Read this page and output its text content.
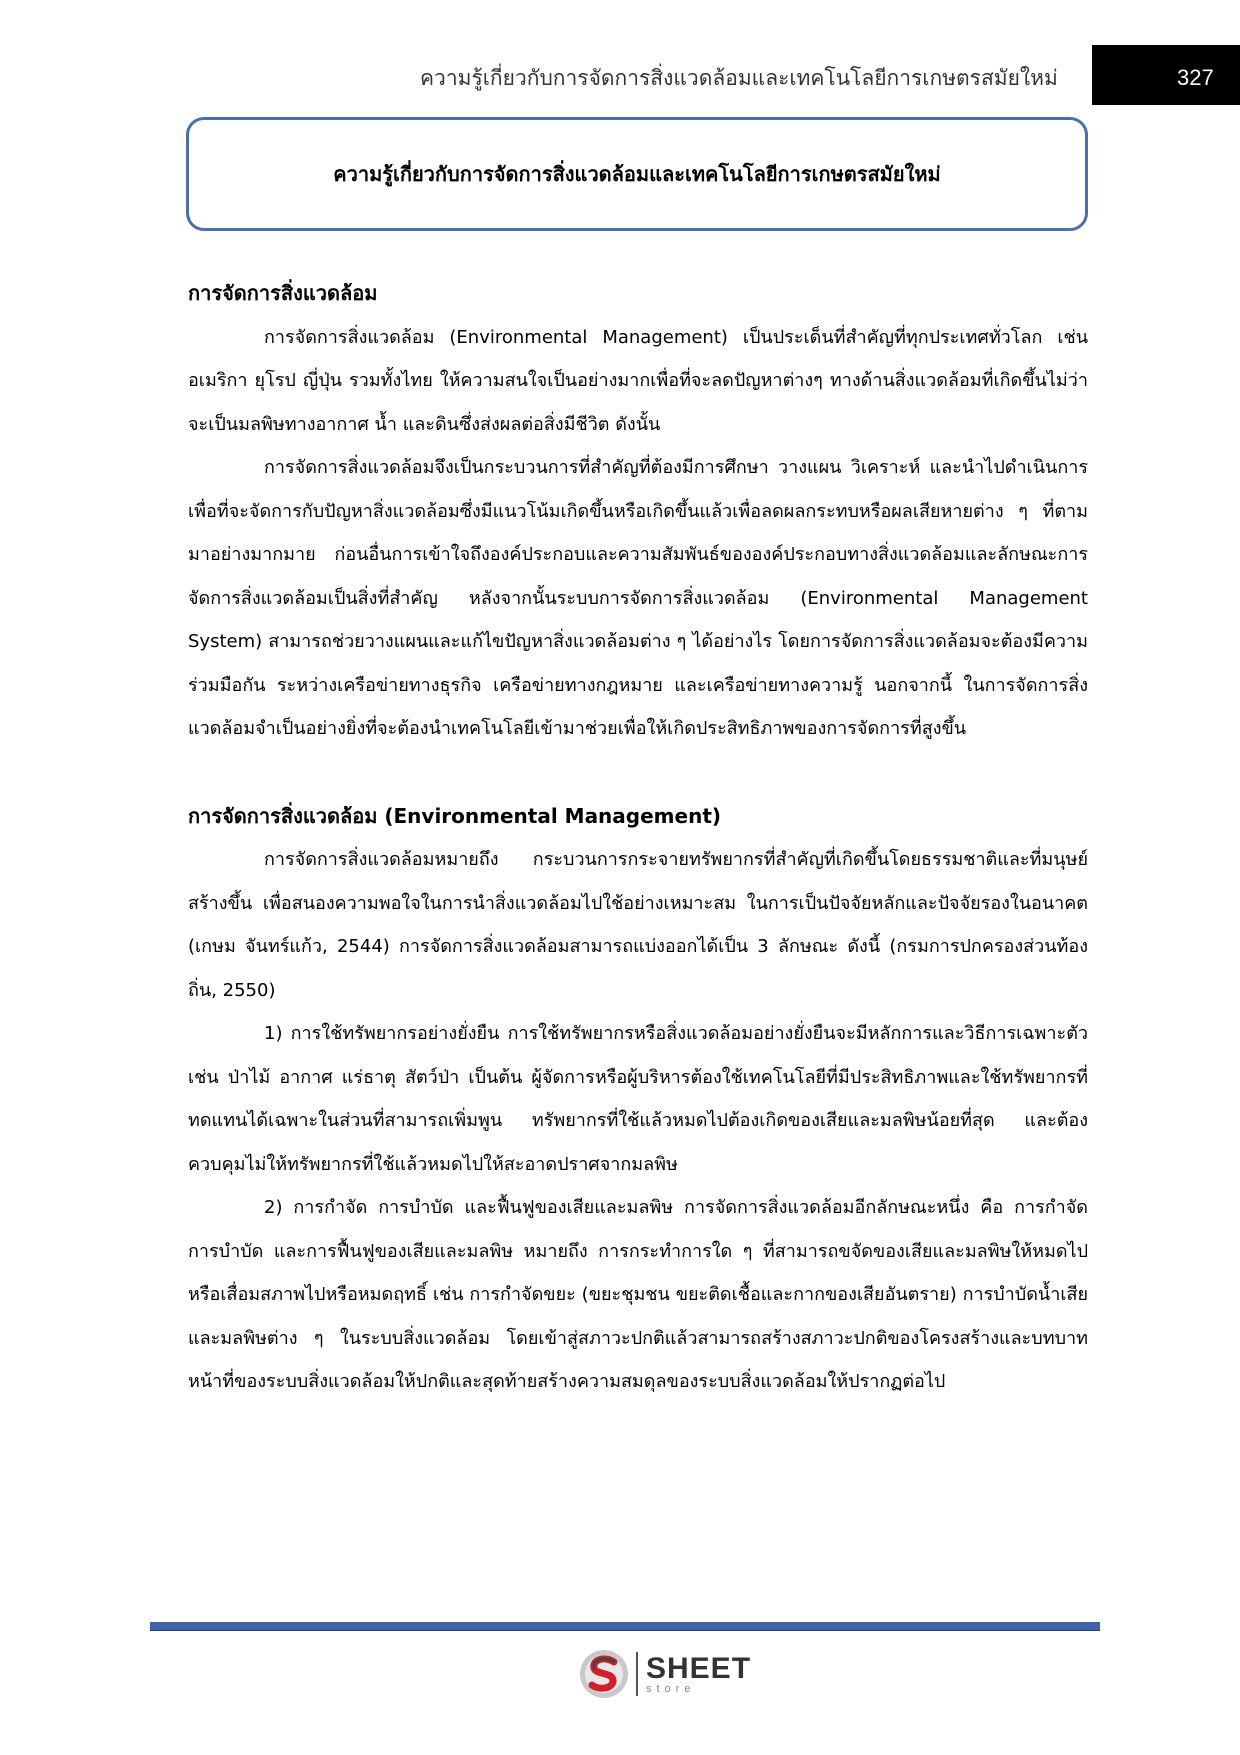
ความรู้เกี่ยวกับการจัดการสิ่งแวดล้อมและเทคโนโลยีการเกษตรสมัยใหม่	327
ความรู้เกี่ยวกับการจัดการสิ่งแวดล้อมและเทคโนโลยีการเกษตรสมัยใหม่

การจัดการสิ่งแวดล้อม

การจัดการสิ่งแวดล้อม (Environmental Management) เป็นประเด็นที่สำคัญที่ทุกประเทศทั่วโลก เช่น อเมริกา ยุโรป ญี่ปุ่น รวมทั้งไทย ให้ความสนใจเป็นอย่างมากเพื่อที่จะลดปัญหาต่างๆ ทางด้านสิ่งแวดล้อมที่เกิดขึ้นไม่ว่าจะเป็นมลพิษทางอากาศ น้ำ และดินซึ่งส่งผลต่อสิ่งมีชีวิต ดังนั้น

การจัดการสิ่งแวดล้อมจึงเป็นกระบวนการที่สำคัญที่ต้องมีการศึกษา วางแผน วิเคราะห์ และนำไปดำเนินการเพื่อที่จะจัดการกับปัญหาสิ่งแวดล้อมซึ่งมีแนวโน้มเกิดขึ้นหรือเกิดขึ้นแล้วเพื่อลดผลกระทบหรือผลเสียหายต่าง ๆ ที่ตามมาอย่างมากมาย ก่อนอื่นการเข้าใจถึงองค์ประกอบและความสัมพันธ์ขององค์ประกอบทางสิ่งแวดล้อมและลักษณะการจัดการสิ่งแวดล้อมเป็นสิ่งที่สำคัญ หลังจากนั้นระบบการจัดการสิ่งแวดล้อม (Environmental Management System) สามารถช่วยวางแผนและแก้ไขปัญหาสิ่งแวดล้อมต่าง ๆ ได้อย่างไร โดยการจัดการสิ่งแวดล้อมจะต้องมีความร่วมมือกัน ระหว่างเครือข่ายทางธุรกิจ เครือข่ายทางกฎหมาย และเครือข่ายทางความรู้ นอกจากนี้ ในการจัดการสิ่งแวดล้อมจำเป็นอย่างยิ่งที่จะต้องนำเทคโนโลยีเข้ามาช่วยเพื่อให้เกิดประสิทธิภาพของการจัดการที่สูงขึ้น

การจัดการสิ่งแวดล้อม (Environmental Management)

การจัดการสิ่งแวดล้อมหมายถึง กระบวนการกระจายทรัพยากรที่สำคัญที่เกิดขึ้นโดยธรรมชาติและที่มนุษย์สร้างขึ้น เพื่อสนองความพอใจในการนำสิ่งแวดล้อมไปใช้อย่างเหมาะสม ในการเป็นปัจจัยหลักและปัจจัยรองในอนาคต (เกษม จันทร์แก้ว, 2544) การจัดการสิ่งแวดล้อมสามารถแบ่งออกได้เป็น 3 ลักษณะ ดังนี้ (กรมการปกครองส่วนท้องถิ่น, 2550)

1) การใช้ทรัพยากรอย่างยั่งยืน การใช้ทรัพยากรหรือสิ่งแวดล้อมอย่างยั่งยืนจะมีหลักการและวิธีการเฉพาะตัว เช่น ป่าไม้ อากาศ แร่ธาตุ สัตว์ป่า เป็นต้น ผู้จัดการหรือผู้บริหารต้องใช้เทคโนโลยีที่มีประสิทธิภาพและใช้ทรัพยากรที่ทดแทนได้เฉพาะในส่วนที่สามารถเพิ่มพูน ทรัพยากรที่ใช้แล้วหมดไปต้องเกิดของเสียและมลพิษน้อยที่สุด และต้องควบคุมไม่ให้ทรัพยากรที่ใช้แล้วหมดไปให้สะอาดปราศจากมลพิษ

2) การกำจัด การบำบัด และฟื้นฟูของเสียและมลพิษ การจัดการสิ่งแวดล้อมอีกลักษณะหนึ่ง คือ การกำจัด การบำบัด และการฟื้นฟูของเสียและมลพิษ หมายถึง การกระทำการใด ๆ ที่สามารถขจัดของเสียและมลพิษให้หมดไปหรือเสื่อมสภาพไปหรือหมดฤทธิ์ เช่น การกำจัดขยะ (ขยะชุมชน ขยะติดเชื้อและกากของเสียอันตราย) การบำบัดน้ำเสีย และมลพิษต่าง ๆ ในระบบสิ่งแวดล้อม โดยเข้าสู่สภาวะปกติแล้วสามารถสร้างสภาวะปกติของโครงสร้างและบทบาทหน้าที่ของระบบสิ่งแวดล้อมให้ปกติและสุดท้ายสร้างความสมดุลของระบบสิ่งแวดล้อมให้ปรากฏต่อไป

SHEET
store
